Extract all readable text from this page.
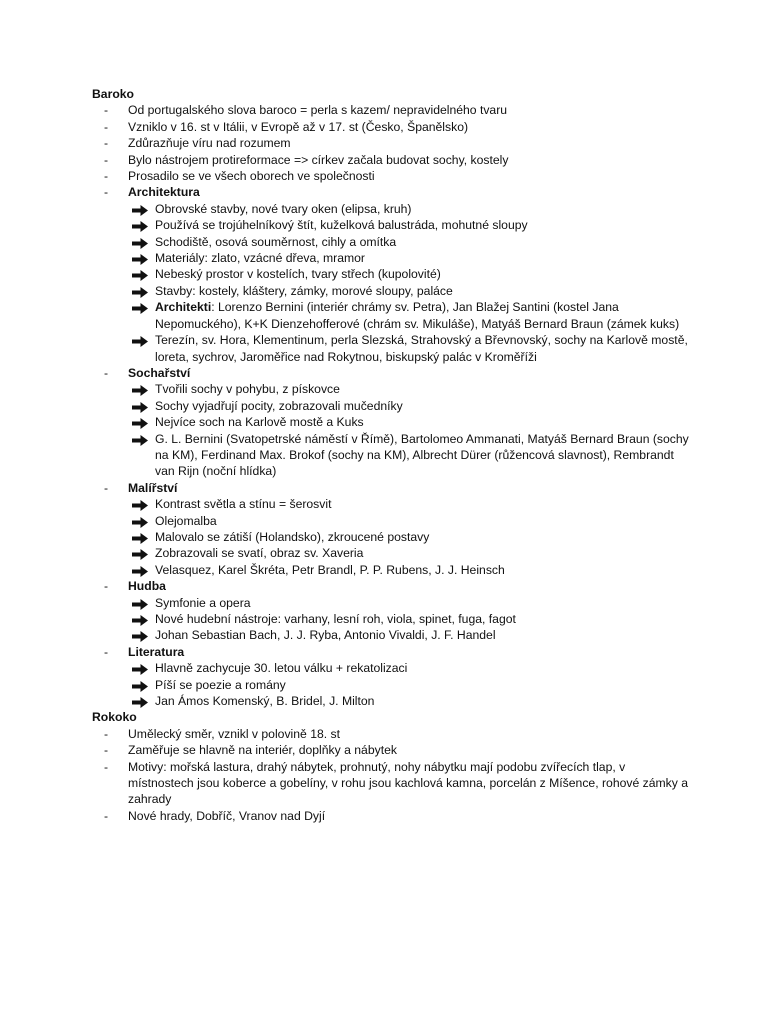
Baroko
- Od portugalského slova baroco = perla s kazem/ nepravidelného tvaru
- Vzniklo v 16. st v Itálii, v Evropě až v 17. st (Česko, Španělsko)
- Zdůrazňuje víru nad rozumem
- Bylo nástrojem protireformace => církev začala budovat sochy, kostely
- Prosadilo se ve všech oborech ve společnosti
- Architektura
Obrovské stavby, nové tvary oken (elipsa, kruh)
Používá se trojúhelníkový štít, kuželková balustráda, mohutné sloupy
Schodiště, osová souměrnost, cihly a omítka
Materiály: zlato, vzácné dřeva, mramor
Nebeský prostor v kostelích, tvary střech (kupolovité)
Stavby: kostely, kláštery, zámky, morové sloupy, paláce
Architekti: Lorenzo Bernini (interiér chrámy sv. Petra), Jan Blažej Santini (kostel Jana Nepomuckého), K+K Dienzehofferové (chrám sv. Mikuláše), Matyáš Bernard Braun (zámek kuks)
Terezín, sv. Hora, Klementinum, perla Slezská, Strahovský a Břevnovský, sochy na Karlově mostě, loreta, sychrov, Jaroměřice nad Rokytnou, biskupský palác v Kroměříži
- Sochařství
Tvořili sochy v pohybu, z pískovce
Sochy vyjadřují pocity, zobrazovali mučedníky
Nejvíce soch na Karlově mostě a Kuks
G. L. Bernini (Svatopetrské náměstí v Římě), Bartolomeo Ammanati, Matyáš Bernard Braun (sochy na KM), Ferdinand Max. Brokof (sochy na KM), Albrecht Dürer (růžencová slavnost), Rembrandt van Rijn (noční hlídka)
- Malířství
Kontrast světla a stínu = šerosvit
Olejomalba
Malovalo se zátiší (Holandsko), zkroucené postavy
Zobrazovali se svatí, obraz sv. Xaveria
Velasquez, Karel Škréta, Petr Brandl, P. P. Rubens, J. J. Heinsch
- Hudba
Symfonie a opera
Nové hudební nástroje: varhany, lesní roh, viola, spinet, fuga, fagot
Johan Sebastian Bach, J. J. Ryba, Antonio Vivaldi, J. F. Handel
- Literatura
Hlavně zachycuje 30. letou válku + rekatolizaci
Píší se poezie a romány
Jan Ámos Komenský, B. Bridel, J. Milton
Rokoko
- Umělecký směr, vznikl v polovině 18. st
- Zaměřuje se hlavně na interiér, doplňky a nábytek
- Motivy: mořská lastura, drahý nábytek, prohnutý, nohy nábytku mají podobu zvířecích tlap, v místnostech jsou koberce a gobelíny, v rohu jsou kachlová kamna, porcelán z Míšence, rohové zámky a zahrady
- Nové hrady, Dobříč, Vranov nad Dyjí
